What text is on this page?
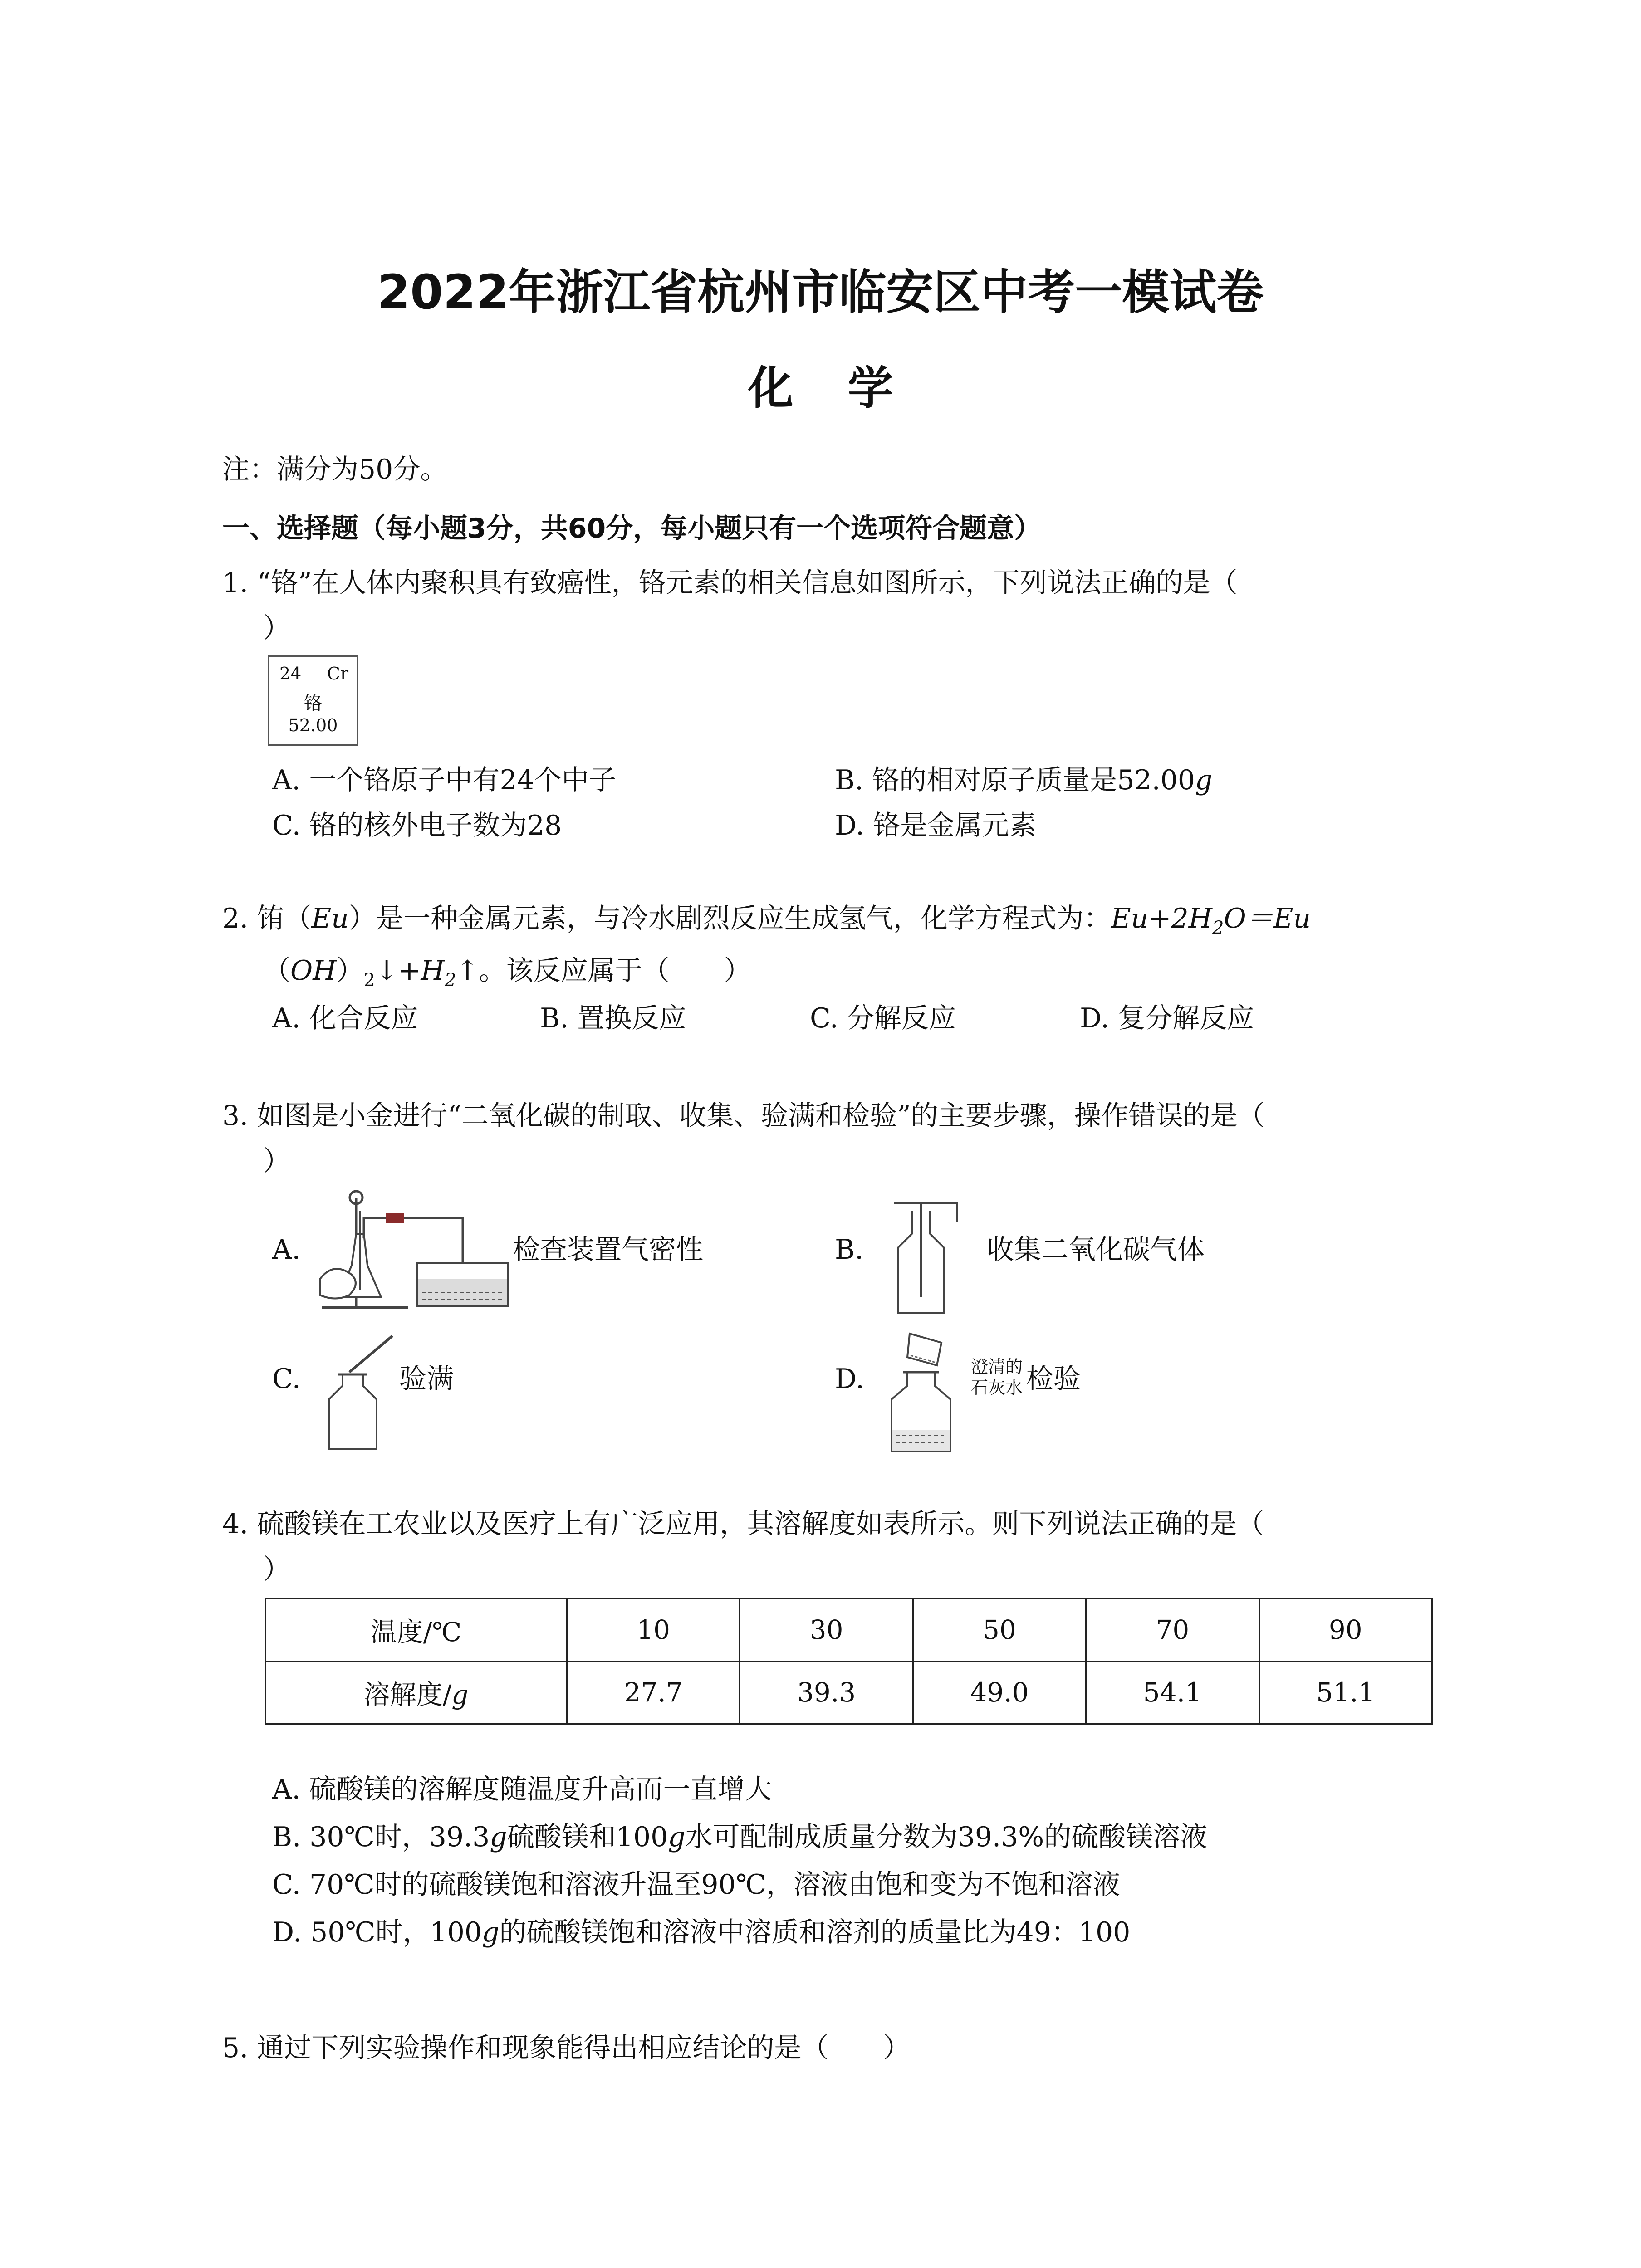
2022年浙江省杭州市临安区中考一模试卷
化学
注：满分为50分。
一、选择题（每小题3分，共60分，每小题只有一个选项符合题意）
1. “铬”在人体内聚积具有致癌性，铬元素的相关信息如图所示，下列说法正确的是（
）
24 Cr
铬
52.00
A. 一个铬原子中有24个中子	B. 铬的相对原子质量是52.00g
C. 铬的核外电子数为28	D. 铬是金属元素
2. 铕（Eu）是一种金属元素，与冷水剧烈反应生成氢气，化学方程式为：$Eu+2H_2O=Eu$
$(OH)_2↓+H_2↑$。该反应属于（　　）
A. 化合反应	B. 置换反应	C. 分解反应	D. 复分解反应
3. 如图是小金进行“二氧化碳的制取、收集、验满和检验”的主要步骤，操作错误的是（
）
A.	检查装置气密性	B.	收集二氧化碳气体
C.	验满	D.	澄清的
石灰水 检验
4. 硫酸镁在工农业以及医疗上有广泛应用，其溶解度如表所示。则下列说法正确的是（
）
温度/℃	10	30	50	70	90
溶解度/g	27.7	39.3	49.0	54.1	51.1
A. 硫酸镁的溶解度随温度升高而一直增大
B. 30℃时，39.3g硫酸镁和100g水可配制成质量分数为39.3%的硫酸镁溶液
C. 70℃时的硫酸镁饱和溶液升温至90℃，溶液由饱和变为不饱和溶液
D. 50℃时，100g的硫酸镁饱和溶液中溶质和溶剂的质量比为49：100
5. 通过下列实验操作和现象能得出相应结论的是（　　）
